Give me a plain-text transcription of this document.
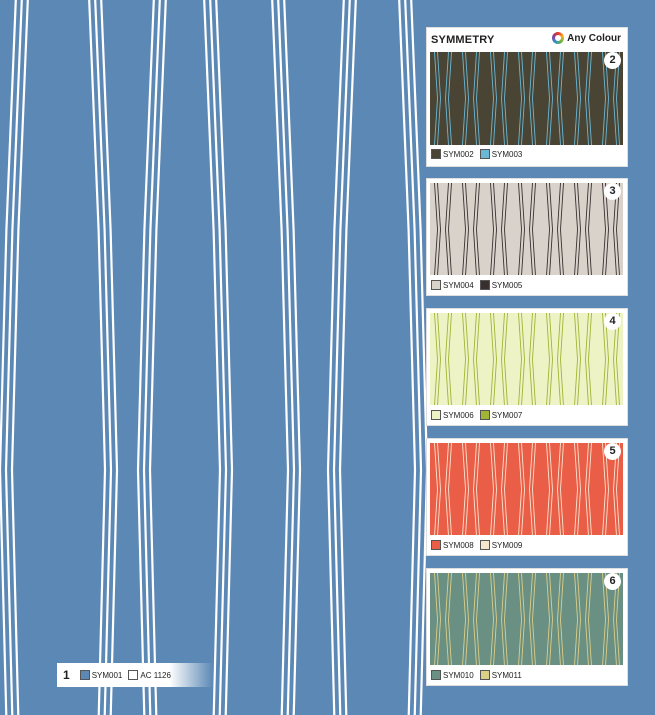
SYMMETRY	Any Colour
2
SYM002 SYM003
3
SYM004 SYM005
4
SYM006 SYM007
5
SYM008 SYM009
6
SYM010 SYM011
1	SYM001 AC 1126
